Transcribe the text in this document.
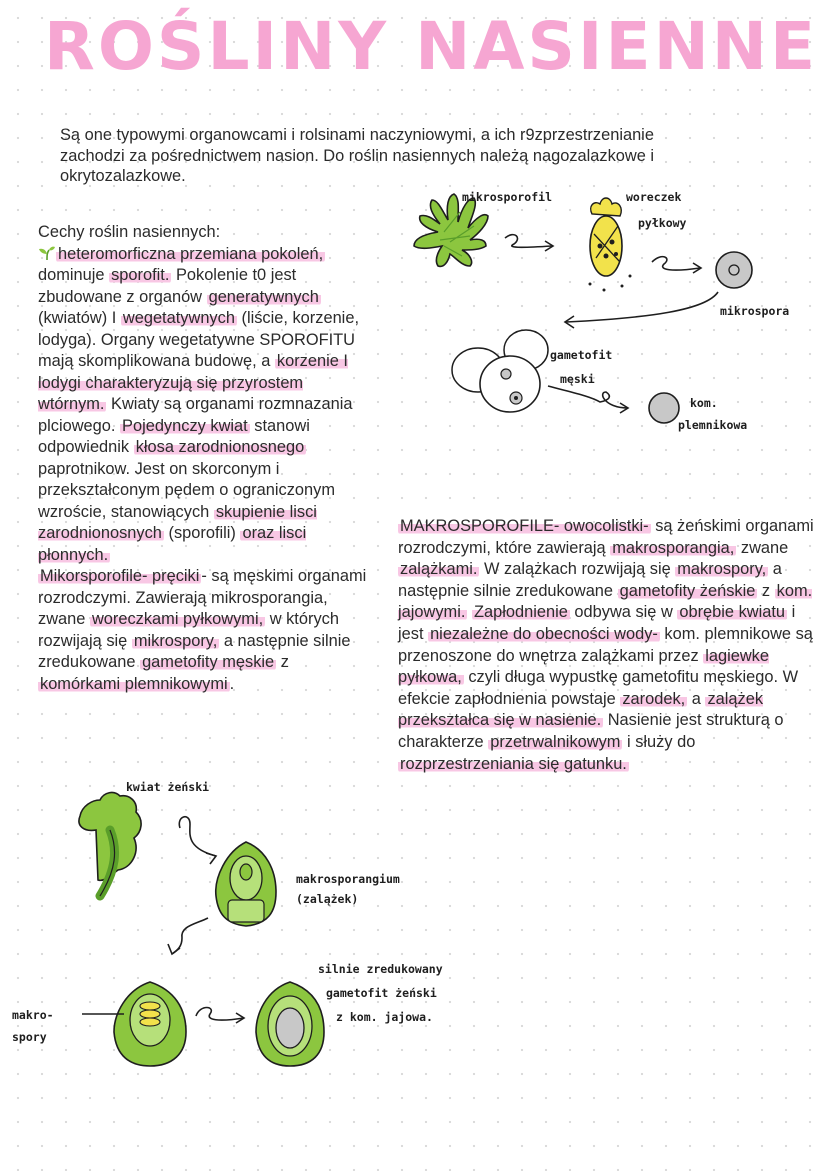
ROŚLINY NASIENNE
Są one typowymi organowcami i rolsinami naczyniowymi, a ich r9zprzestrzenianie zachodzi za pośrednictwem nasion. Do roślin nasiennych należą nagozalazkowe i okrytozalazkowe.
Cechy roślin nasiennych:
heteromorficzna przemiana pokoleń, dominuje sporofit. Pokolenie t0 jest zbudowane z organów generatywnych (kwiatów) I wegetatywnych (liście, korzenie, lodyga). Organy wegetatywne SPOROFITU mają skomplikowana budowę, a korzenie I lodygi charakteryzują się przyrostem wtórnym. Kwiaty są organami rozmnazania plciowego. Pojedynczy kwiat stanowi odpowiednik kłosa zarodnionosnego paprotnikow. Jest on skorconym i przekształconym pędem o ograniczonym wzroście, stanowiących skupienie lisci zarodnionosnych (sporofili) oraz lisci płonnych.
Mikorsporofile- pręciki - są męskimi organami rozrodczymi. Zawierają mikrosporangia, zwane woreczkami pyłkowymi, w których rozwijają się mikrospory, a następnie silnie zredukowane gametofity męskie z komórkami plemnikowymi .
MAKROSPOROFILE- owocolistki- są żeńskimi organami rozrodczymi, które zawierają makrosporangia, zwane zalążkami. W zalążkach rozwijają się makrospory, a następnie silnie zredukowane gametofity żeńskie z kom. jajowymi. Zapłodnienie odbywa się w obrębie kwiatu i jest niezależne do obecności wody- kom. plemnikowe są przenoszone do wnętrza zalążkami przez lagiewke pyłkowa, czyli długa wypustkę gametofitu męskiego. W efekcie zapłodnienia powstaje zarodek, a zalążek przekształca się w nasienie. Nasienie jest strukturą o charakterze przetrwalnikowym i służy do rozprzestrzeniania się gatunku.
mikrosporofil	woreczek
pyłkowy
mikrospora
gametofit
męski
kom.
plemnikowa
kwiat żeński
makrosporangium
(zalążek)
makro-
spory
silnie zredukowany
gametofit żeński
z kom. jajowa.
